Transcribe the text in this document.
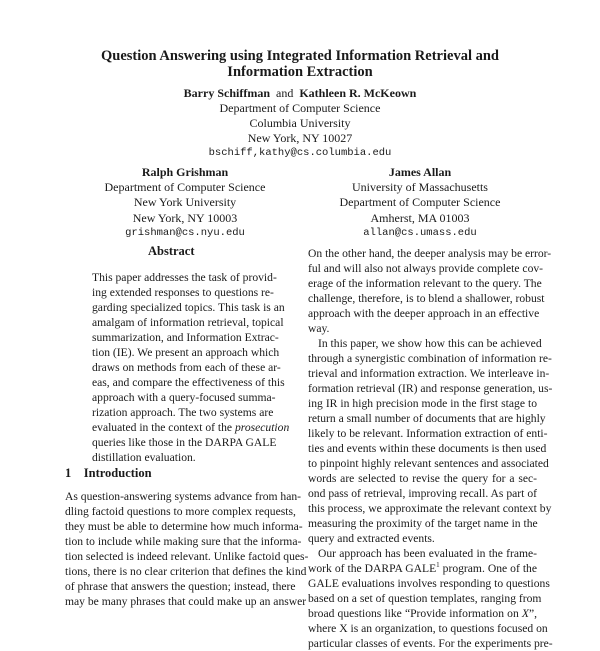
Question Answering using Integrated Information Retrieval and
Information Extraction
Barry Schiffman and Kathleen R. McKeown
Department of Computer Science
Columbia University
New York, NY 10027
bschiff,kathy@cs.columbia.edu
Ralph Grishman
Department of Computer Science
New York University
New York, NY 10003
grishman@cs.nyu.edu
James Allan
University of Massachusetts
Department of Computer Science
Amherst, MA 01003
allan@cs.umass.edu
Abstract
This paper addresses the task of provid-
ing extended responses to questions re-
garding specialized topics. This task is an
amalgam of information retrieval, topical
summarization, and Information Extrac-
tion (IE). We present an approach which
draws on methods from each of these ar-
eas, and compare the effectiveness of this
approach with a query-focused summa-
rization approach. The two systems are
evaluated in the context of the prosecution
queries like those in the DARPA GALE
distillation evaluation.
1 Introduction
As question-answering systems advance from han-
dling factoid questions to more complex requests,
they must be able to determine how much informa-
tion to include while making sure that the informa-
tion selected is indeed relevant. Unlike factoid ques-
tions, there is no clear criterion that defines the kind
of phrase that answers the question; instead, there
may be many phrases that could make up an answer
On the other hand, the deeper analysis may be error-
ful and will also not always provide complete cov-
erage of the information relevant to the query. The
challenge, therefore, is to blend a shallower, robust
approach with the deeper approach in an effective
way.
In this paper, we show how this can be achieved
through a synergistic combination of information re-
trieval and information extraction. We interleave in-
formation retrieval (IR) and response generation, us-
ing IR in high precision mode in the first stage to
return a small number of documents that are highly
likely to be relevant. Information extraction of enti-
ties and events within these documents is then used
to pinpoint highly relevant sentences and associated
words are selected to revise the query for a sec-
ond pass of retrieval, improving recall. As part of
this process, we approximate the relevant context by
measuring the proximity of the target name in the
query and extracted events.
Our approach has been evaluated in the frame-
work of the DARPA GALE$^1$ program. One of the
GALE evaluations involves responding to questions
based on a set of question templates, ranging from
broad questions like “Provide information on X”,
where X is an organization, to questions focused on
particular classes of events. For the experiments pre-
